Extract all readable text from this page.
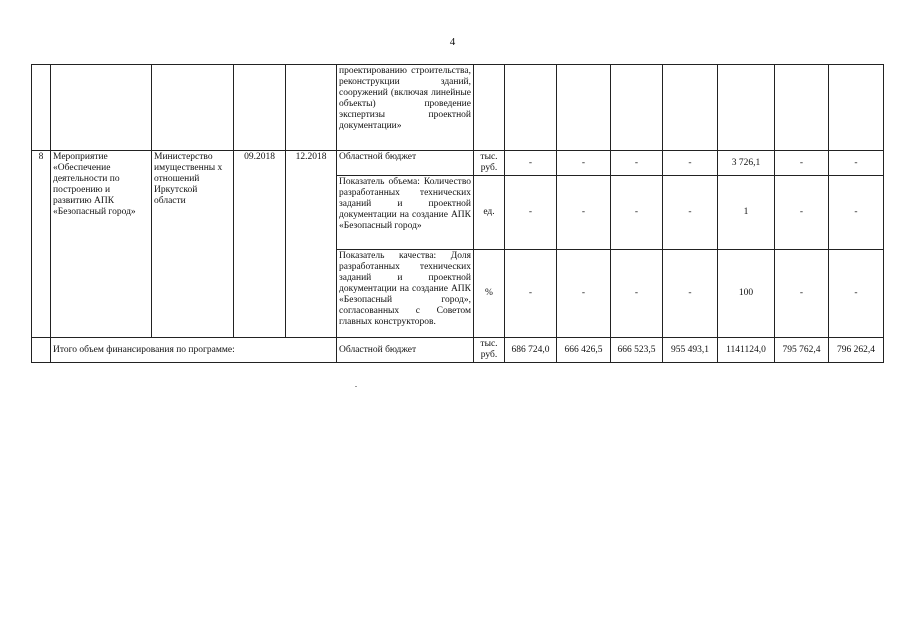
4
					проектированию строительства, реконструкции зданий, сооружений (включая линейные объекты) проведение экспертизы проектной документации»								
8	Мероприятие «Обеспечение деятельности по построению и развитию АПК «Безопасный город»	Министерство имущественны х отношений Иркутской области	09.2018	12.2018	Областной бюджет	тыс. руб.	-	-	-	-	3 726,1	-	-
					Показатель объема: Количество разработанных технических заданий и проектной документации на создание АПК «Безопасный город»	ед.	-	-	-	-	1	-	-
					Показатель качества: Доля разработанных технических заданий и проектной документации на создание АПК «Безопасный город», согласованных с Советом главных конструкторов.	%	-	-	-	-	100	-	-
	Итого объем финансирования по программе:				Областной бюджет	тыс. руб.	686 724,0	666 426,5	666 523,5	955 493,1	1141124,0	795 762,4	796 262,4
